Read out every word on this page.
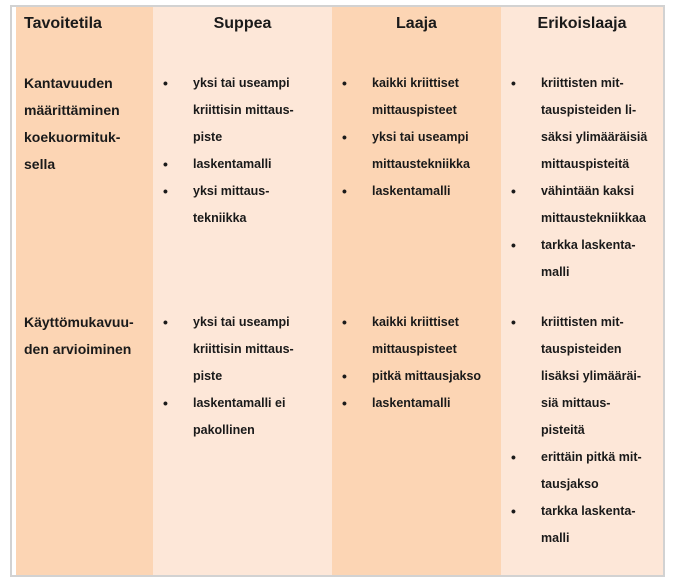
Tavoitetila
Kantavuuden
määrittäminen
koekuormituk-
sella
Käyttömukavuu-
den arvioiminen
Suppea
• yksi tai useampi
kriittisin mittaus-
piste
• laskentamalli
• yksi mittaus-
tekniikka
• yksi tai useampi
kriittisin mittaus-
piste
• laskentamalli ei
pakollinen
Laaja
• kaikki kriittiset
mittauspisteet
• yksi tai useampi
mittaustekniikka
• laskentamalli
• kaikki kriittiset
mittauspisteet
• pitkä mittausjakso
• laskentamalli
Erikoislaaja
• kriittisten mit-
tauspisteiden li-
säksi ylimääräisiä
mittauspisteitä
• vähintään kaksi
mittaustekniikkaa
• tarkka laskenta-
malli
• kriittisten mit-
tauspisteiden
lisäksi ylimääräi-
siä mittaus-
pisteitä
• erittäin pitkä mit-
tausjakso
• tarkka laskenta-
malli
